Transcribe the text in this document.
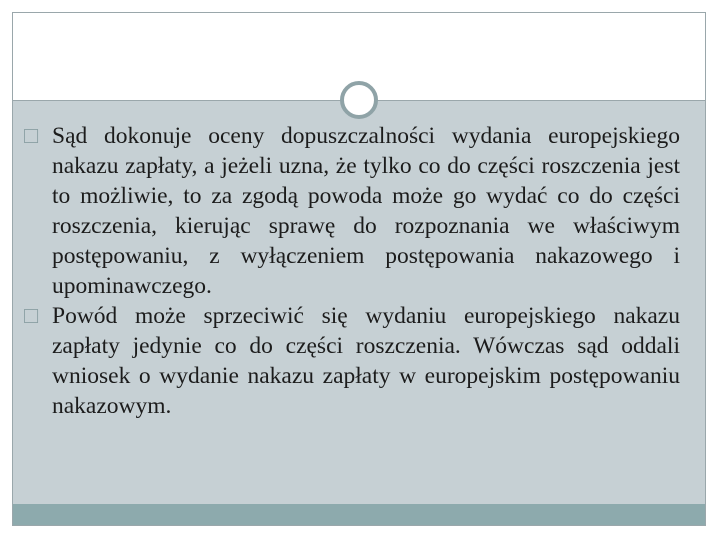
□ Sąd dokonuje oceny dopuszczalności wydania europejskiego nakazu zapłaty, a jeżeli uzna, że tylko co do części roszczenia jest to możliwie, to za zgodą powoda może go wydać co do części roszczenia, kierując sprawę do rozpoznania we właściwym postępowaniu, z wyłączeniem postępowania nakazowego i upominawczego.

□ Powód może sprzeciwić się wydaniu europejskiego nakazu zapłaty jedynie co do części roszczenia. Wówczas sąd oddali wniosek o wydanie nakazu zapłaty w europejskim postępowaniu nakazowym.
